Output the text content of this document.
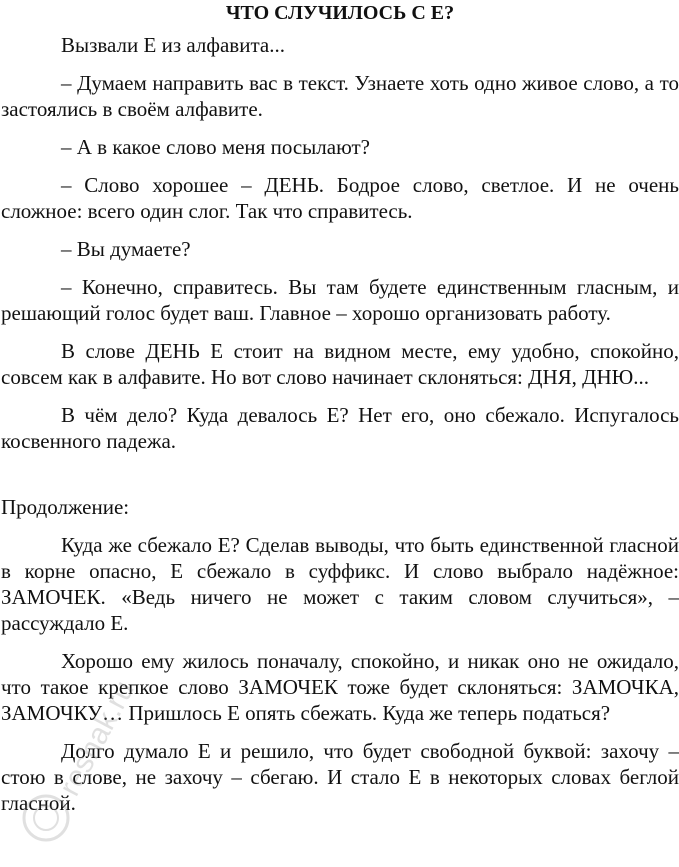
ЧТО СЛУЧИЛОСЬ С Е?

Вызвали Е из алфавита...

– Думаем направить вас в текст. Узнаете хоть одно живое слово, а то застоялись в своём алфавите.

– А в какое слово меня посылают?

– Слово хорошее – ДЕНЬ. Бодрое слово, светлое. И не очень сложное: всего один слог. Так что справитесь.

– Вы думаете?

– Конечно, справитесь. Вы там будете единственным гласным, и решающий голос будет ваш. Главное – хорошо организовать работу.

В слове ДЕНЬ Е стоит на видном месте, ему удобно, спокойно, совсем как в алфавите. Но вот слово начинает склоняться: ДНЯ, ДНЮ...

В чём дело? Куда девалось Е? Нет его, оно сбежало. Испугалось косвенного падежа.

Продолжение:

Куда же сбежало Е? Сделав выводы, что быть единственной гласной в корне опасно, Е сбежало в суффикс. И слово выбрало надёжное: ЗАМОЧЕК. «Ведь ничего не может с таким словом случиться», – рассуждало Е.

Хорошо ему жилось поначалу, спокойно, и никак оно не ожидало, что такое крепкое слово ЗАМОЧЕК тоже будет склоняться: ЗАМОЧКА, ЗАМОЧКУ… Пришлось Е опять сбежать. Куда же теперь податься?

Долго думало Е и решило, что будет свободной буквой: захочу – стою в слове, не захочу – сбегаю. И стало Е в некоторых словах беглой гласной.

reshak.ru
